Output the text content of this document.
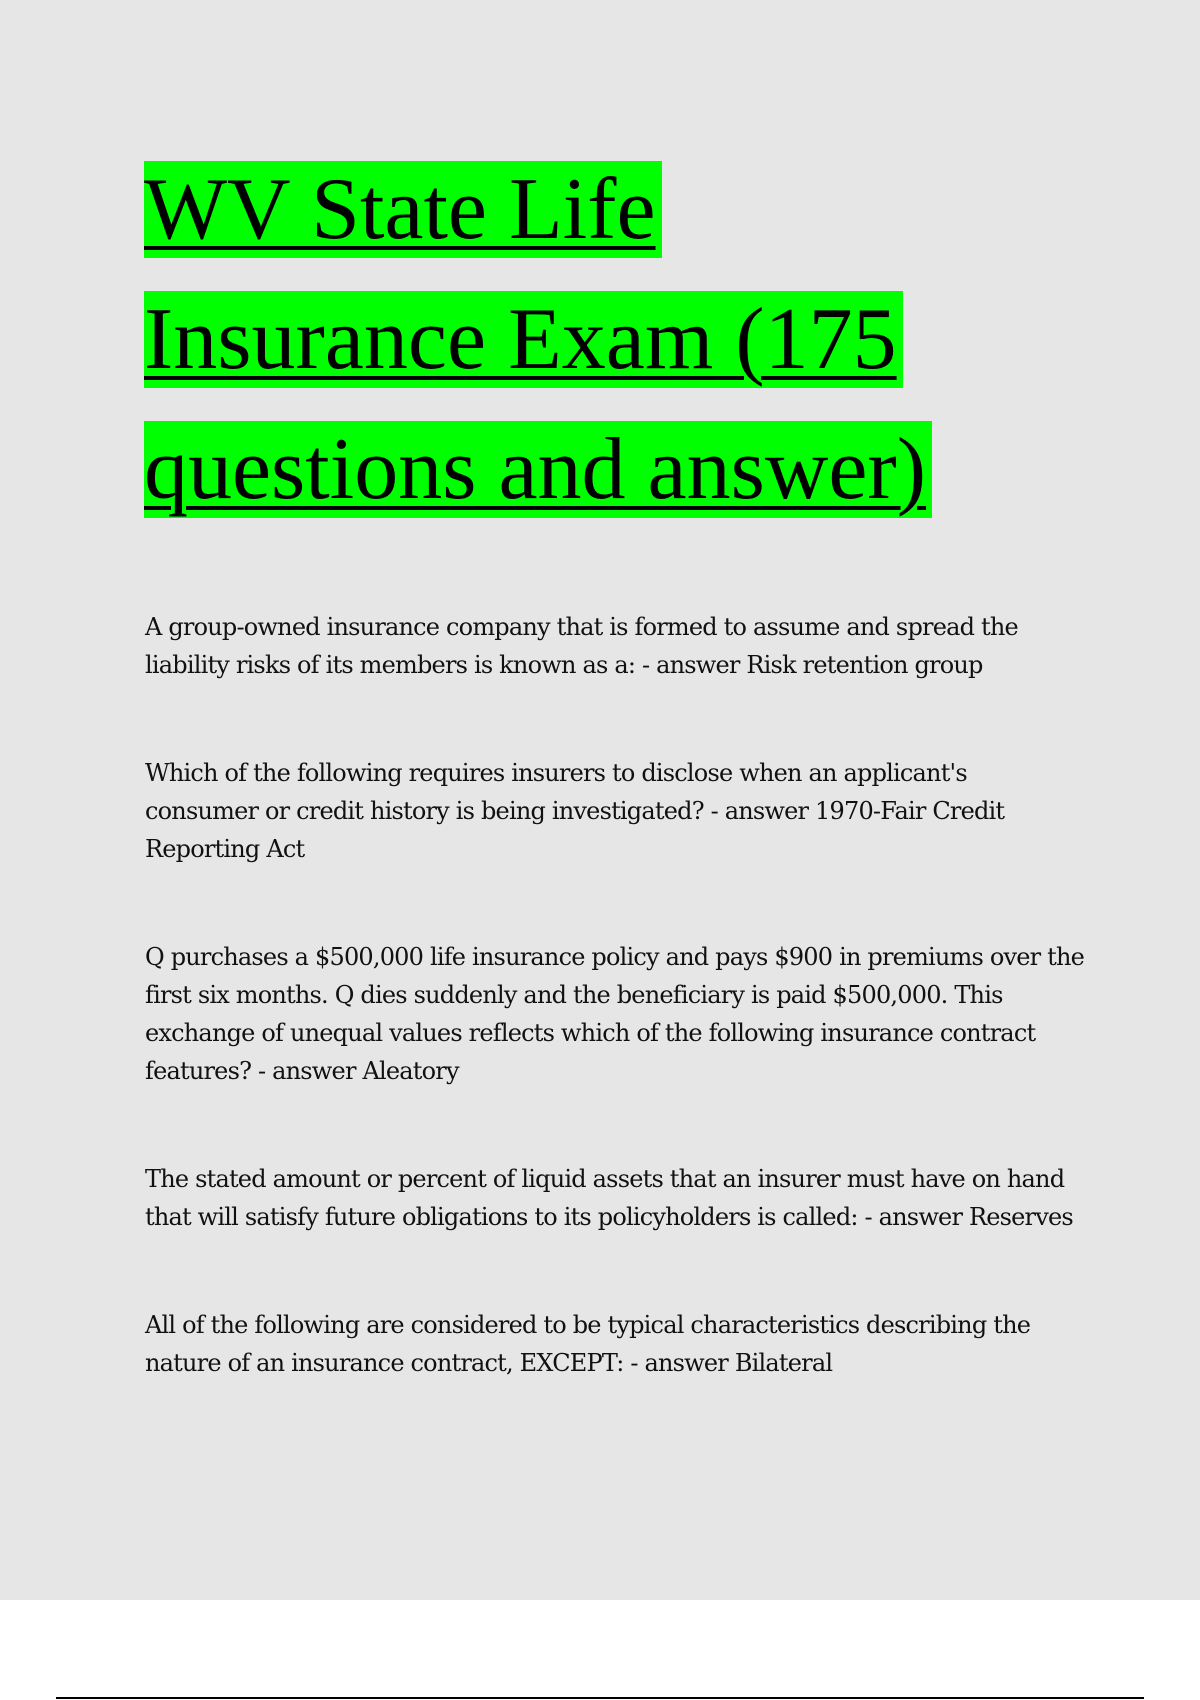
WV State Life
Insurance Exam (175
questions and answer)

A group-owned insurance company that is formed to assume and spread the liability risks of its members is known as a: - answer Risk retention group

Which of the following requires insurers to disclose when an applicant's consumer or credit history is being investigated? - answer 1970-Fair Credit Reporting Act

Q purchases a $500,000 life insurance policy and pays $900 in premiums over the first six months. Q dies suddenly and the beneficiary is paid $500,000. This exchange of unequal values reflects which of the following insurance contract features? - answer Aleatory

The stated amount or percent of liquid assets that an insurer must have on hand that will satisfy future obligations to its policyholders is called: - answer Reserves

All of the following are considered to be typical characteristics describing the nature of an insurance contract, EXCEPT: - answer Bilateral
